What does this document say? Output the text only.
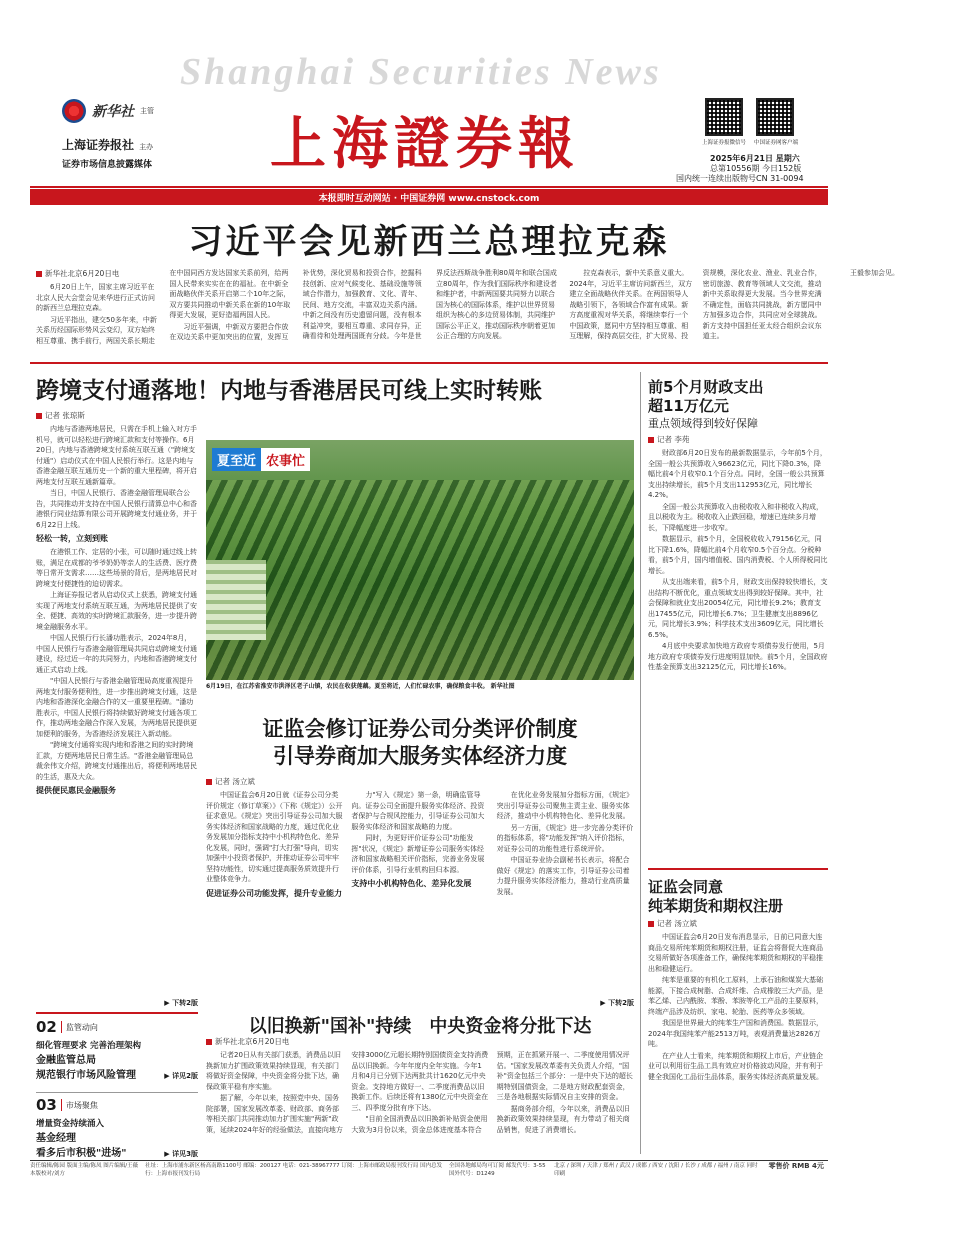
Shanghai Securities News
新华社 主管
上海证券报社 主办
证券市场信息披露媒体 上海證券報	上海证券报微信号	中国证券网客户端
2025年6月21日 星期六
总第10556期 今日152版
国内统一连续出版物号CN 31-0094
本报即时互动网站 · 中国证券网 www.cnstock.com
习近平会见新西兰总理拉克森
新华社北京6月20日电

6月20日上午，国家主席习近平在北京人民大会堂会见来华进行正式访问的新西兰总理拉克森。

习近平指出，建交50多年来，中新关系历经国际形势风云变幻，双方始终相互尊重、携手前行，两国关系长期走在中国同西方发达国家关系前列，给两国人民带来实实在在的福祉。在中新全面战略伙伴关系开启第二个10年之际，双方要共同推动中新关系在新的10年取得更大发展，更好造福两国人民。

习近平强调，中新双方要把合作放在双边关系中更加突出的位置，发挥互补优势，深化贸易和投资合作，挖掘科技创新、应对气候变化、基础设施等领域合作潜力，加强教育、文化、青年、民间、地方交流，丰富双边关系内涵。中新之间没有历史遗留问题，没有根本利益冲突，要相互尊重、求同存异，正确看待和处理两国既有分歧。今年是世界反法西斯战争胜利80周年和联合国成立80周年，作为我们国际秩序和建设者和维护者，中新两国要共同努力以联合国为核心的国际体系，维护以世界贸易组织为核心的多边贸易体制，共同维护国际公平正义，推动国际秩序朝着更加公正合理的方向发展。

拉克森表示，新中关系意义重大。2024年，习近平主席访问新西兰，双方建立全面战略伙伴关系。在两国领导人战略引领下，各领域合作富有成果。新方高度重视对华关系，将继续奉行一个中国政策，愿同中方坚持相互尊重、相互理解，保持高层交往，扩大贸易、投资规模，深化农业、渔业、乳业合作，密切旅游、教育等领域人文交流，推动新中关系取得更大发展。当今世界充满不确定性，面临共同挑战，新方愿同中方加强多边合作，共同应对全球挑战。新方支持中国担任亚太经合组织会议东道主。

王毅参加会见。

跨境支付通落地！内地与香港居民可线上实时转账
记者 张琼斯

内地与香港两地居民，只需在手机上输入对方手机号，就可以轻松进行跨境汇款和支付等操作。6月20日，内地与香港跨境支付系统互联互通（"跨境支付通"）启动仪式在中国人民银行举行。这是内地与香港金融互联互通历史一个新的重大里程碑，将开启两地支付互联互通新篇章。

当日，中国人民银行、香港金融管理局联合公告，共同推动并支持在中国人民银行清算总中心和香港银行同业结算有限公司开展跨境支付通业务，并于6月22日上线。

轻松一转，立刻到账

在港银工作、定居的小张，可以随时通过线上转账，满足在成都的爷爷奶奶等亲人的生活费、医疗费等日常开支需求……这些场景的背后，是两地居民对跨境支付便捷性的迫切需求。

上海证券报记者从启动仪式上获悉，跨境支付通实现了两地支付系统互联互通，为两地居民提供了安全、便捷、高效的实时跨境汇款服务，进一步提升跨境金融服务水平。

中国人民银行行长潘功胜表示，2024年8月，中国人民银行与香港金融管理局共同启动跨境支付通建设，经过近一年的共同努力，内地和香港跨境支付通正式启动上线。

"中国人民银行与香港金融管理局高度重视提升两地支付服务便利性，进一步推出跨境支付通，这是内地和香港深化金融合作的又一重要里程碑。"潘功胜表示，中国人民银行将持续做好跨境支付通各项工作，推动两地金融合作深入发展，为两地居民提供更加便利的服务，为香港经济发展注入新动能。

"跨境支付通将实现内地和香港之间的实时跨境汇款，方便两地居民日常生活。"香港金融管理局总裁余伟文介绍，跨境支付通推出后，将便利两地居民的生活，惠及大众。

提供便民惠民金融服务
▶ 下转2版
夏至近 农事忙
6月19日，在江苏省淮安市洪泽区老子山镇，农民在收获莲藕。夏至将近，人们忙碌农事，确保粮食丰收。 新华社图
证监会修订证券公司分类评价制度
引导券商加大服务实体经济力度
记者 汤立斌

中国证监会6月20日就《证券公司分类评价规定（修订草案）》（下称《规定》）公开征求意见。《规定》突出引导证券公司加大服务实体经济和国家战略的力度，通过优化业务发展加分指标支持中小机构特色化、差异化发展，同时，强调"打大打强"导向，切实加强中小投资者保护，并推动证券公司牢牢坚持功能性，切实通过提高服务质效提升行业整体竞争力。

促进证券公司功能发挥，提升专业能力

力"写入《规定》第一条，明确监管导向。证券公司全面提升服务实体经济、投资者保护与合规风控能力，引导证券公司加大服务实体经济和国家战略的力度。

同时，为更好评价证券公司"功能发挥"状况，《规定》新增证券公司服务实体经济和国家战略相关评价指标，完善业务发展评价体系，引导行业机构回归本源。

支持中小机构特色化、差异化发展

在优化业务发展加分指标方面，《规定》突出引导证券公司聚焦主责主业、服务实体经济，推动中小机构特色化、差异化发展。

另一方面，《规定》进一步完善分类评价的指标体系，将"功能发挥"纳入评价指标，对证券公司的功能性进行系统评价。

中国证券业协会副秘书长表示，将配合做好《规定》的落实工作，引导证券公司着力提升服务实体经济能力，推动行业高质量发展。

▶ 下转2版
前5个月财政支出
超11万亿元
重点领域得到较好保障
记者 李苑

财政部6月20日发布的最新数据显示，今年前5个月，全国一般公共预算收入96623亿元，同比下降0.3%，降幅比前4个月收窄0.1个百分点。同时，全国一般公共预算支出持续增长，前5个月支出112953亿元，同比增长4.2%。

全国一般公共预算收入由税收收入和非税收入构成，且以税收为主。税收收入止跌回稳，增速已连续多月增长，下降幅度进一步收窄。

数据显示，前5个月，全国税收收入79156亿元，同比下降1.6%，降幅比前4个月收窄0.5个百分点。分税种看，前5个月，国内增值税、国内消费税、个人所得税同比增长。

从支出端来看，前5个月，财政支出保持较快增长，支出结构不断优化，重点领域支出得到较好保障。其中，社会保障和就业支出20054亿元，同比增长9.2%；教育支出17455亿元，同比增长6.7%；卫生健康支出8896亿元，同比增长3.9%；科学技术支出3609亿元，同比增长6.5%。

4月底中央要求加快地方政府专项债券发行使用，5月地方政府专项债券发行进度明显加快。前5个月，全国政府性基金预算支出32125亿元，同比增长16%。

证监会同意
纯苯期货和期权注册
记者 汤立斌

中国证监会6月20日发布消息显示，日前已同意大连商品交易所纯苯期货和期权注册，证监会将督促大连商品交易所做好各项准备工作，确保纯苯期货和期权的平稳推出和稳健运行。

纯苯是重要的有机化工原料，上承石油和煤炭大基础能源，下接合成树脂、合成纤维、合成橡胶三大产品，是苯乙烯、己内酰胺、苯酚、苯胺等化工产品的主要原料，终端产品涉及纺织、家电、轮胎、医药等众多领域。

我国是世界最大的纯苯生产国和消费国。数据显示，2024年我国纯苯产能2513万吨，表观消费量达2826万吨。

在产业人士看来，纯苯期货和期权上市后，产业链企业可以利用衍生品工具有效应对价格波动风险，并有利于健全我国化工品衍生品体系，服务实体经济高质量发展。

02 监管动向
细化管理要求 完善治理架构
金融监管总局
规范银行市场风险管理	▶ 详见2版
03 市场聚焦
增量资金持续涌入
基金经理
看多后市积极"进场"	▶ 详见3版
以旧换新"国补"持续　中央资金将分批下达
新华社北京6月20日电

记者20日从有关部门获悉，消费品以旧换新加力扩围政策效果持续显现，有关部门将做好资金保障，中央资金将分批下达，确保政策平稳有序实施。

据了解，今年以来，按照党中央、国务院部署，国家发展改革委、财政部、商务部等相关部门共同推动加力扩围实施"两新"政策，延续2024年好的经验做法，直接向地方安排3000亿元超长期特别国债资金支持消费品以旧换新。今年年度内全年实施。今年1月和4月已分别下达两批共计1620亿元中央资金。支持地方做好一、二季度消费品以旧换新工作。后续还将有1380亿元中央资金在三、四季度分批有序下达。

"目前全国消费品以旧换新补贴资金使用大致为3月份以来，资金总体进度基本符合预期，正在抓紧开展一、二季度使用情况评估。"国家发展改革委有关负责人介绍，"国补"资金包括三个部分：一是中央下达的超长期特别国债资金，二是地方财政配套资金，三是各地根据实际情况自主安排的资金。

据商务部介绍，今年以来，消费品以旧换新政策效果持续显现，有力带动了相关商品销售，促进了消费增长。

责任编辑/陈园 版面主编/陈凤 图片编辑/王薇 本版校对/刘方
社址：上海市浦东新区杨高南路1100号 邮编：200127 电话：021-38967777 订阅：上海市邮政局报刊发行局 国内总发行：上海市报刊发行局
全国各地邮局均可订阅 邮发代号：3-55 国外代号：D1249
北京 / 深圳 / 天津 / 郑州 / 武汉 / 成都 / 西安 / 沈阳 / 长沙 / 成都 / 福州 / 南京 同时印刷
零售价 RMB 4元
